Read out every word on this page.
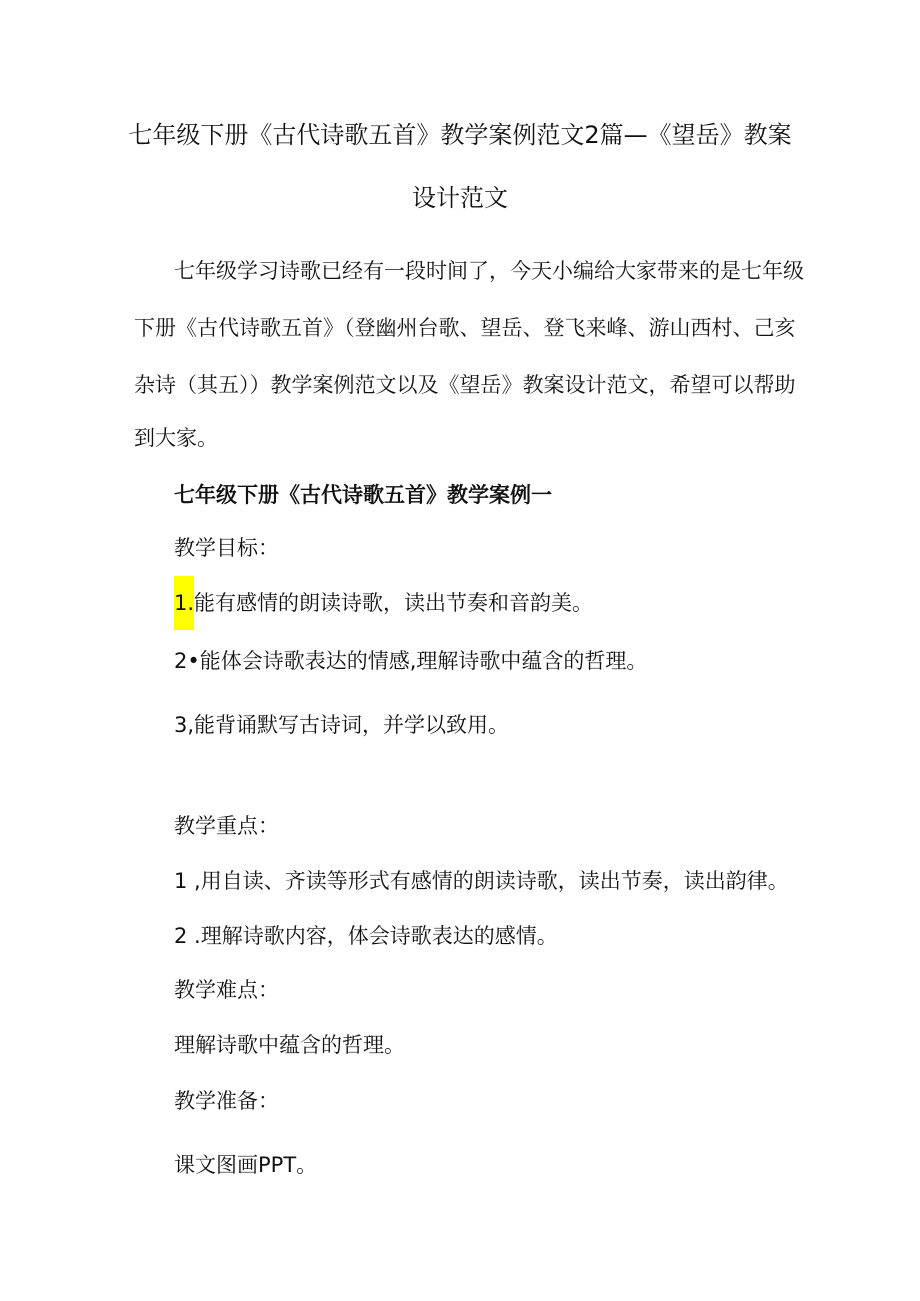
七年级下册《古代诗歌五首》教学案例范文2篇—《望岳》教案
设计范文
七年级学习诗歌已经有一段时间了，今天小编给大家带来的是七年级
下册《古代诗歌五首》（登幽州台歌、望岳、登飞来峰、游山西村、己亥
杂诗（其五））教学案例范文以及《望岳》教案设计范文，希望可以帮助
到大家。
七年级下册《古代诗歌五首》教学案例一
教学目标：
1.能有感情的朗读诗歌，读出节奏和音韵美。
2•能体会诗歌表达的情感,理解诗歌中蕴含的哲理。
3,能背诵默写古诗词，并学以致用。
教学重点：
1 ,用自读、齐读等形式有感情的朗读诗歌，读出节奏，读出韵律。
2 .理解诗歌内容，体会诗歌表达的感情。
教学难点：
理解诗歌中蕴含的哲理。
教学准备：
课文图画PPT。
